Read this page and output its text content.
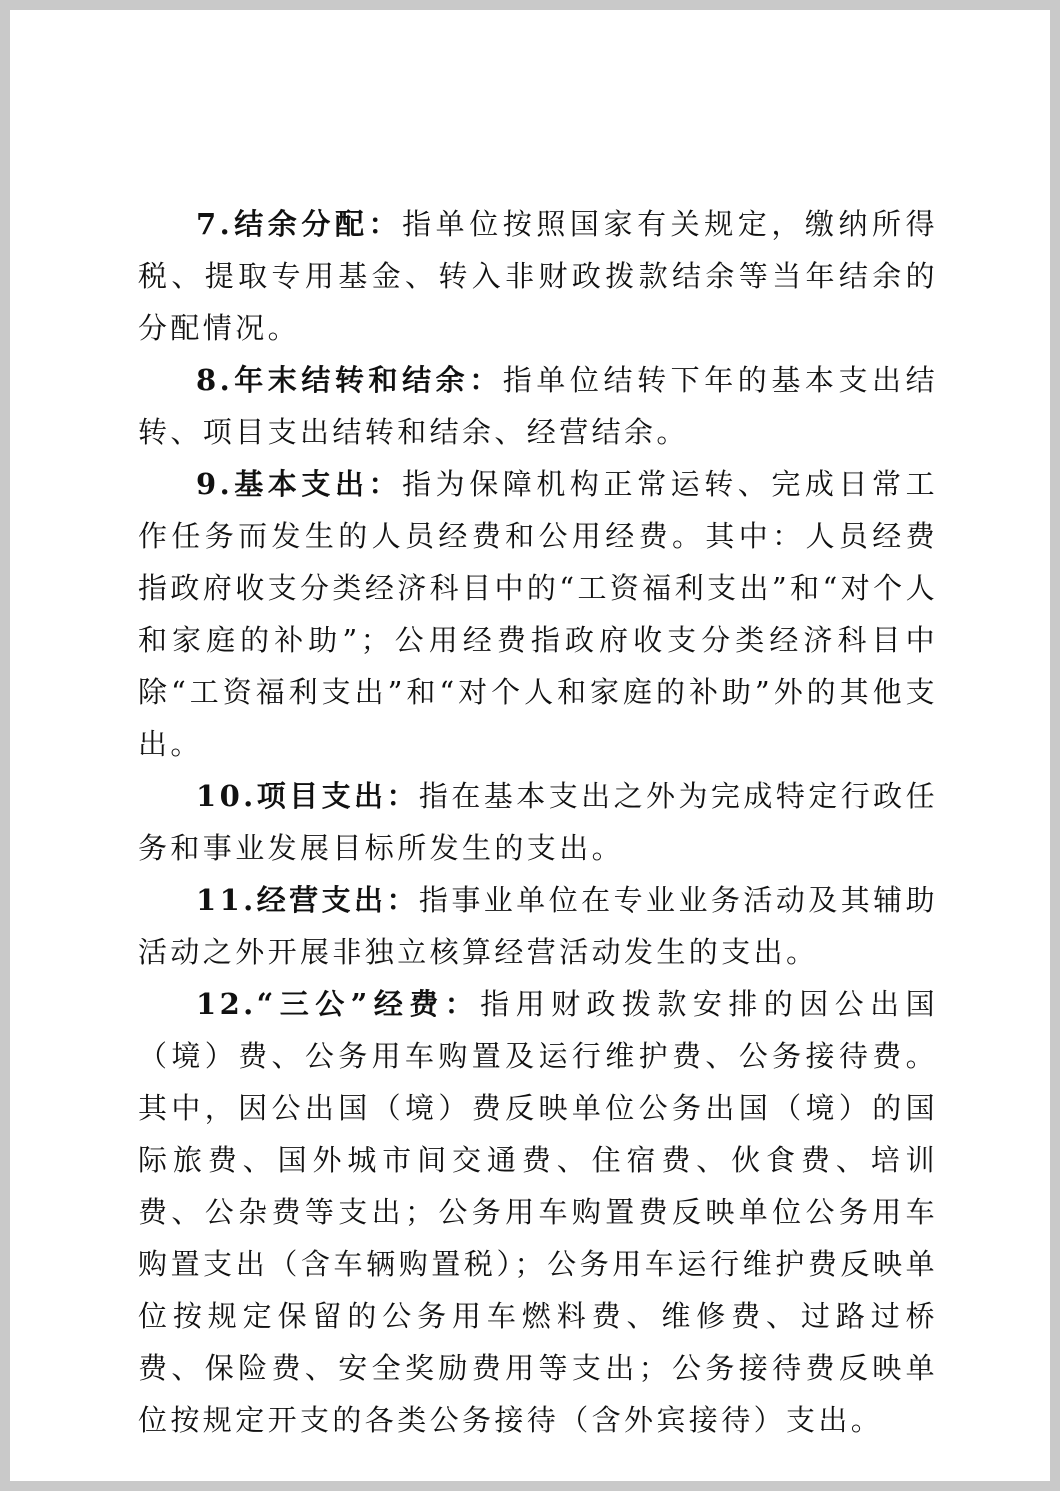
7.结余分配：指单位按照国家有关规定，缴纳所得税、提取专用基金、转入非财政拨款结余等当年结余的分配情况。

8.年末结转和结余：指单位结转下年的基本支出结转、项目支出结转和结余、经营结余。

9.基本支出：指为保障机构正常运转、完成日常工作任务而发生的人员经费和公用经费。其中：人员经费指政府收支分类经济科目中的“工资福利支出”和“对个人和家庭的补助”；公用经费指政府收支分类经济科目中除“工资福利支出”和“对个人和家庭的补助”外的其他支出。

10.项目支出：指在基本支出之外为完成特定行政任务和事业发展目标所发生的支出。

11.经营支出：指事业单位在专业业务活动及其辅助活动之外开展非独立核算经营活动发生的支出。

12.“三公”经费：指用财政拨款安排的因公出国（境）费、公务用车购置及运行维护费、公务接待费。其中，因公出国（境）费反映单位公务出国（境）的国际旅费、国外城市间交通费、住宿费、伙食费、培训费、公杂费等支出；公务用车购置费反映单位公务用车购置支出（含车辆购置税）；公务用车运行维护费反映单位按规定保留的公务用车燃料费、维修费、过路过桥费、保险费、安全奖励费用等支出；公务接待费反映单位按规定开支的各类公务接待（含外宾接待）支出。
